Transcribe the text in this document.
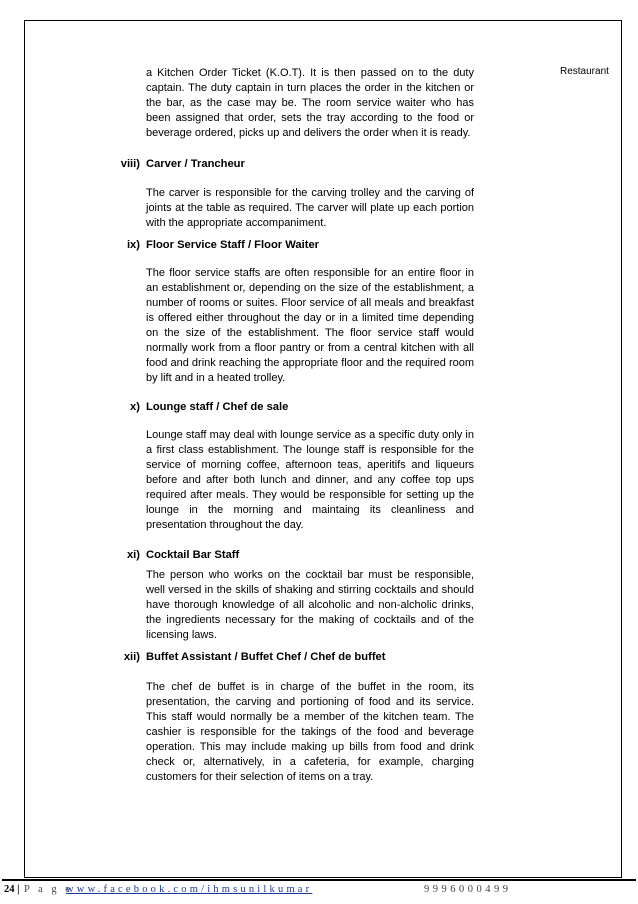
Restaurant

a Kitchen Order Ticket (K.O.T). It is then passed on to the duty captain. The duty captain in turn places the order in the kitchen or the bar, as the case may be. The room service waiter who has been assigned that order, sets the tray according to the food or beverage ordered, picks up and delivers the order when it is ready.

viii) Carver / Trancheur

The carver is responsible for the carving trolley and the carving of joints at the table as required. The carver will plate up each portion with the appropriate accompaniment.

ix) Floor Service Staff / Floor Waiter

The floor service staffs are often responsible for an entire floor in an establishment or, depending on the size of the establishment, a number of rooms or suites. Floor service of all meals and breakfast is offered either throughout the day or in a limited time depending on the size of the establishment. The floor service staff would normally work from a floor pantry or from a central kitchen with all food and drink reaching the appropriate floor and the required room by lift and in a heated trolley.

x) Lounge staff / Chef de sale

Lounge staff may deal with lounge service as a specific duty only in a first class establishment. The lounge staff is responsible for the service of morning coffee, afternoon teas, aperitifs and liqueurs before and after both lunch and dinner, and any coffee top ups required after meals. They would be responsible for setting up the lounge in the morning and maintaing its cleanliness and presentation throughout the day.

xi) Cocktail Bar Staff

The person who works on the cocktail bar must be responsible, well versed in the skills of shaking and stirring cocktails and should have thorough knowledge of all alcoholic and non-alcholic drinks, the ingredients necessary for the making of cocktails and of the licensing laws.

xii) Buffet Assistant / Buffet Chef / Chef de buffet

The chef de buffet is in charge of the buffet in the room, its presentation, the carving and portioning of food and its service. This staff would normally be a member of the kitchen team. The cashier is responsible for the takings of the food and beverage operation. This may include making up bills from food and drink check or, alternatively, in a cafeteria, for example, charging customers for their selection of items on a tray.

24 | P a g e
www.facebook.com/ihmsunilkumar	9996000499
